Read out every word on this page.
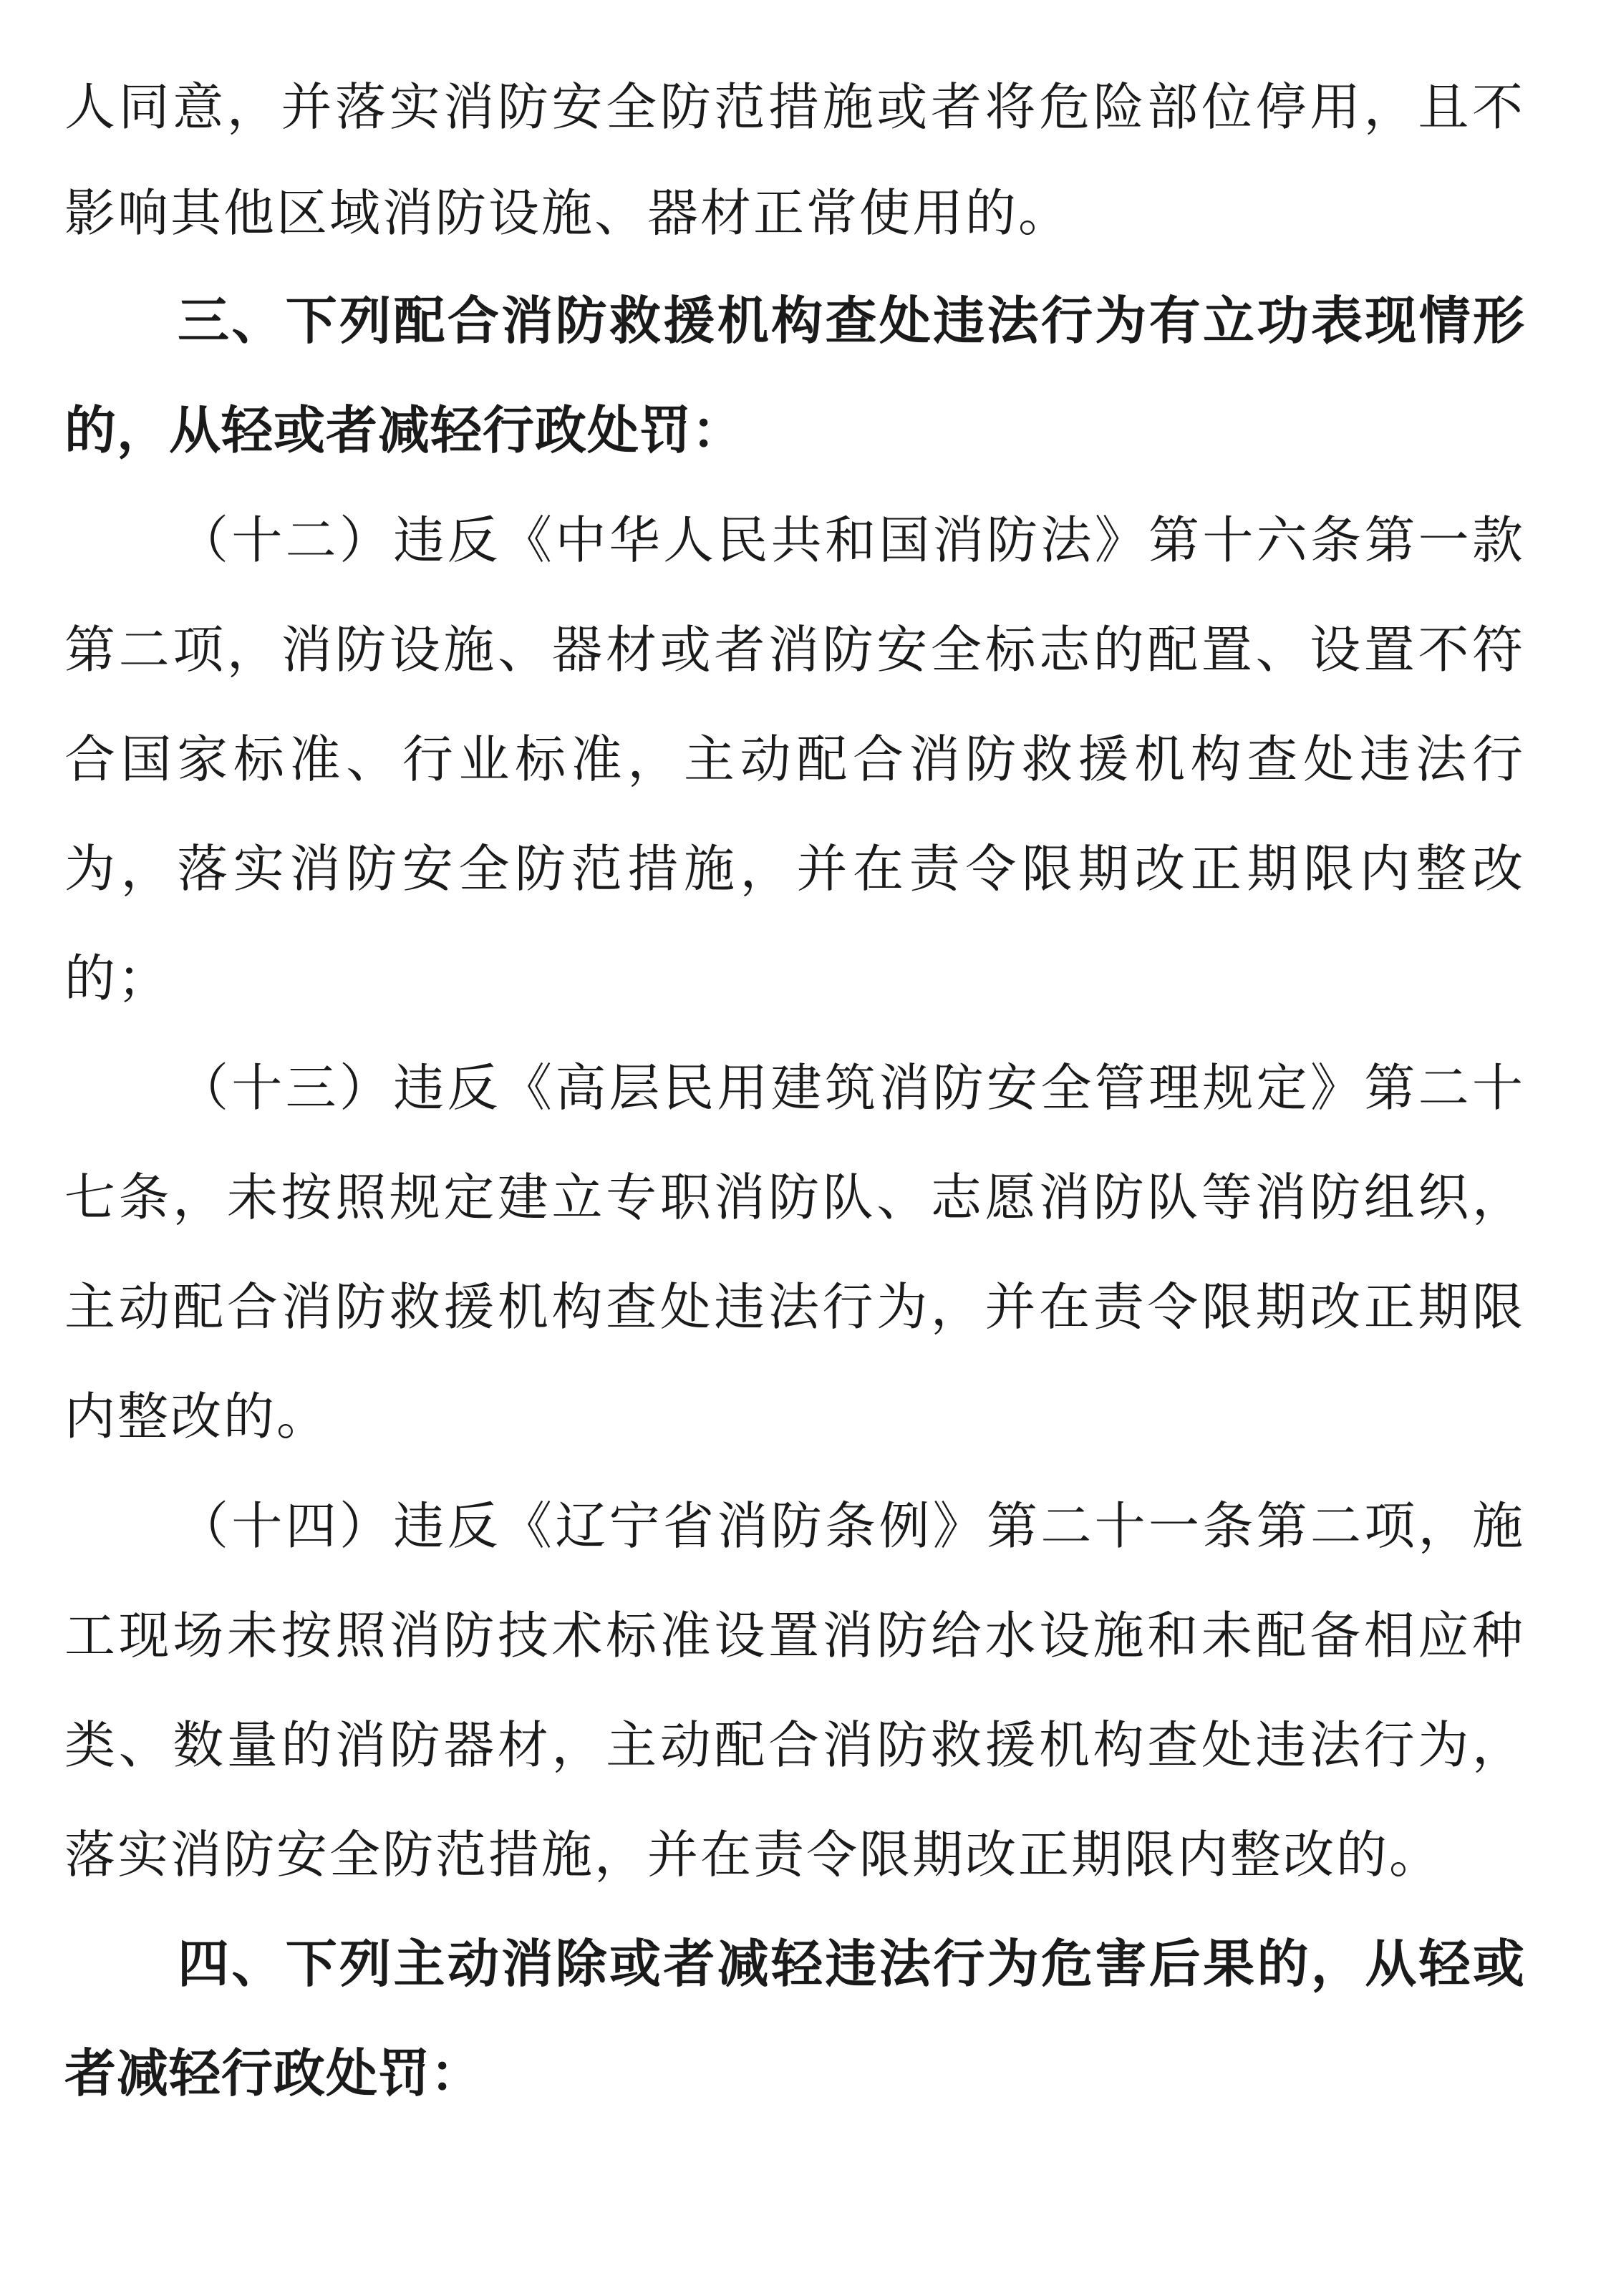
人同意，并落实消防安全防范措施或者将危险部位停用，且不影响其他区域消防设施、器材正常使用的。

三、下列配合消防救援机构查处违法行为有立功表现情形的，从轻或者减轻行政处罚：

（十二）违反《中华人民共和国消防法》第十六条第一款第二项，消防设施、器材或者消防安全标志的配置、设置不符合国家标准、行业标准，主动配合消防救援机构查处违法行为，落实消防安全防范措施，并在责令限期改正期限内整改的；

（十三）违反《高层民用建筑消防安全管理规定》第二十七条，未按照规定建立专职消防队、志愿消防队等消防组织，主动配合消防救援机构查处违法行为，并在责令限期改正期限内整改的。

（十四）违反《辽宁省消防条例》第二十一条第二项，施工现场未按照消防技术标准设置消防给水设施和未配备相应种类、数量的消防器材，主动配合消防救援机构查处违法行为，落实消防安全防范措施，并在责令限期改正期限内整改的。

四、下列主动消除或者减轻违法行为危害后果的，从轻或者减轻行政处罚：
